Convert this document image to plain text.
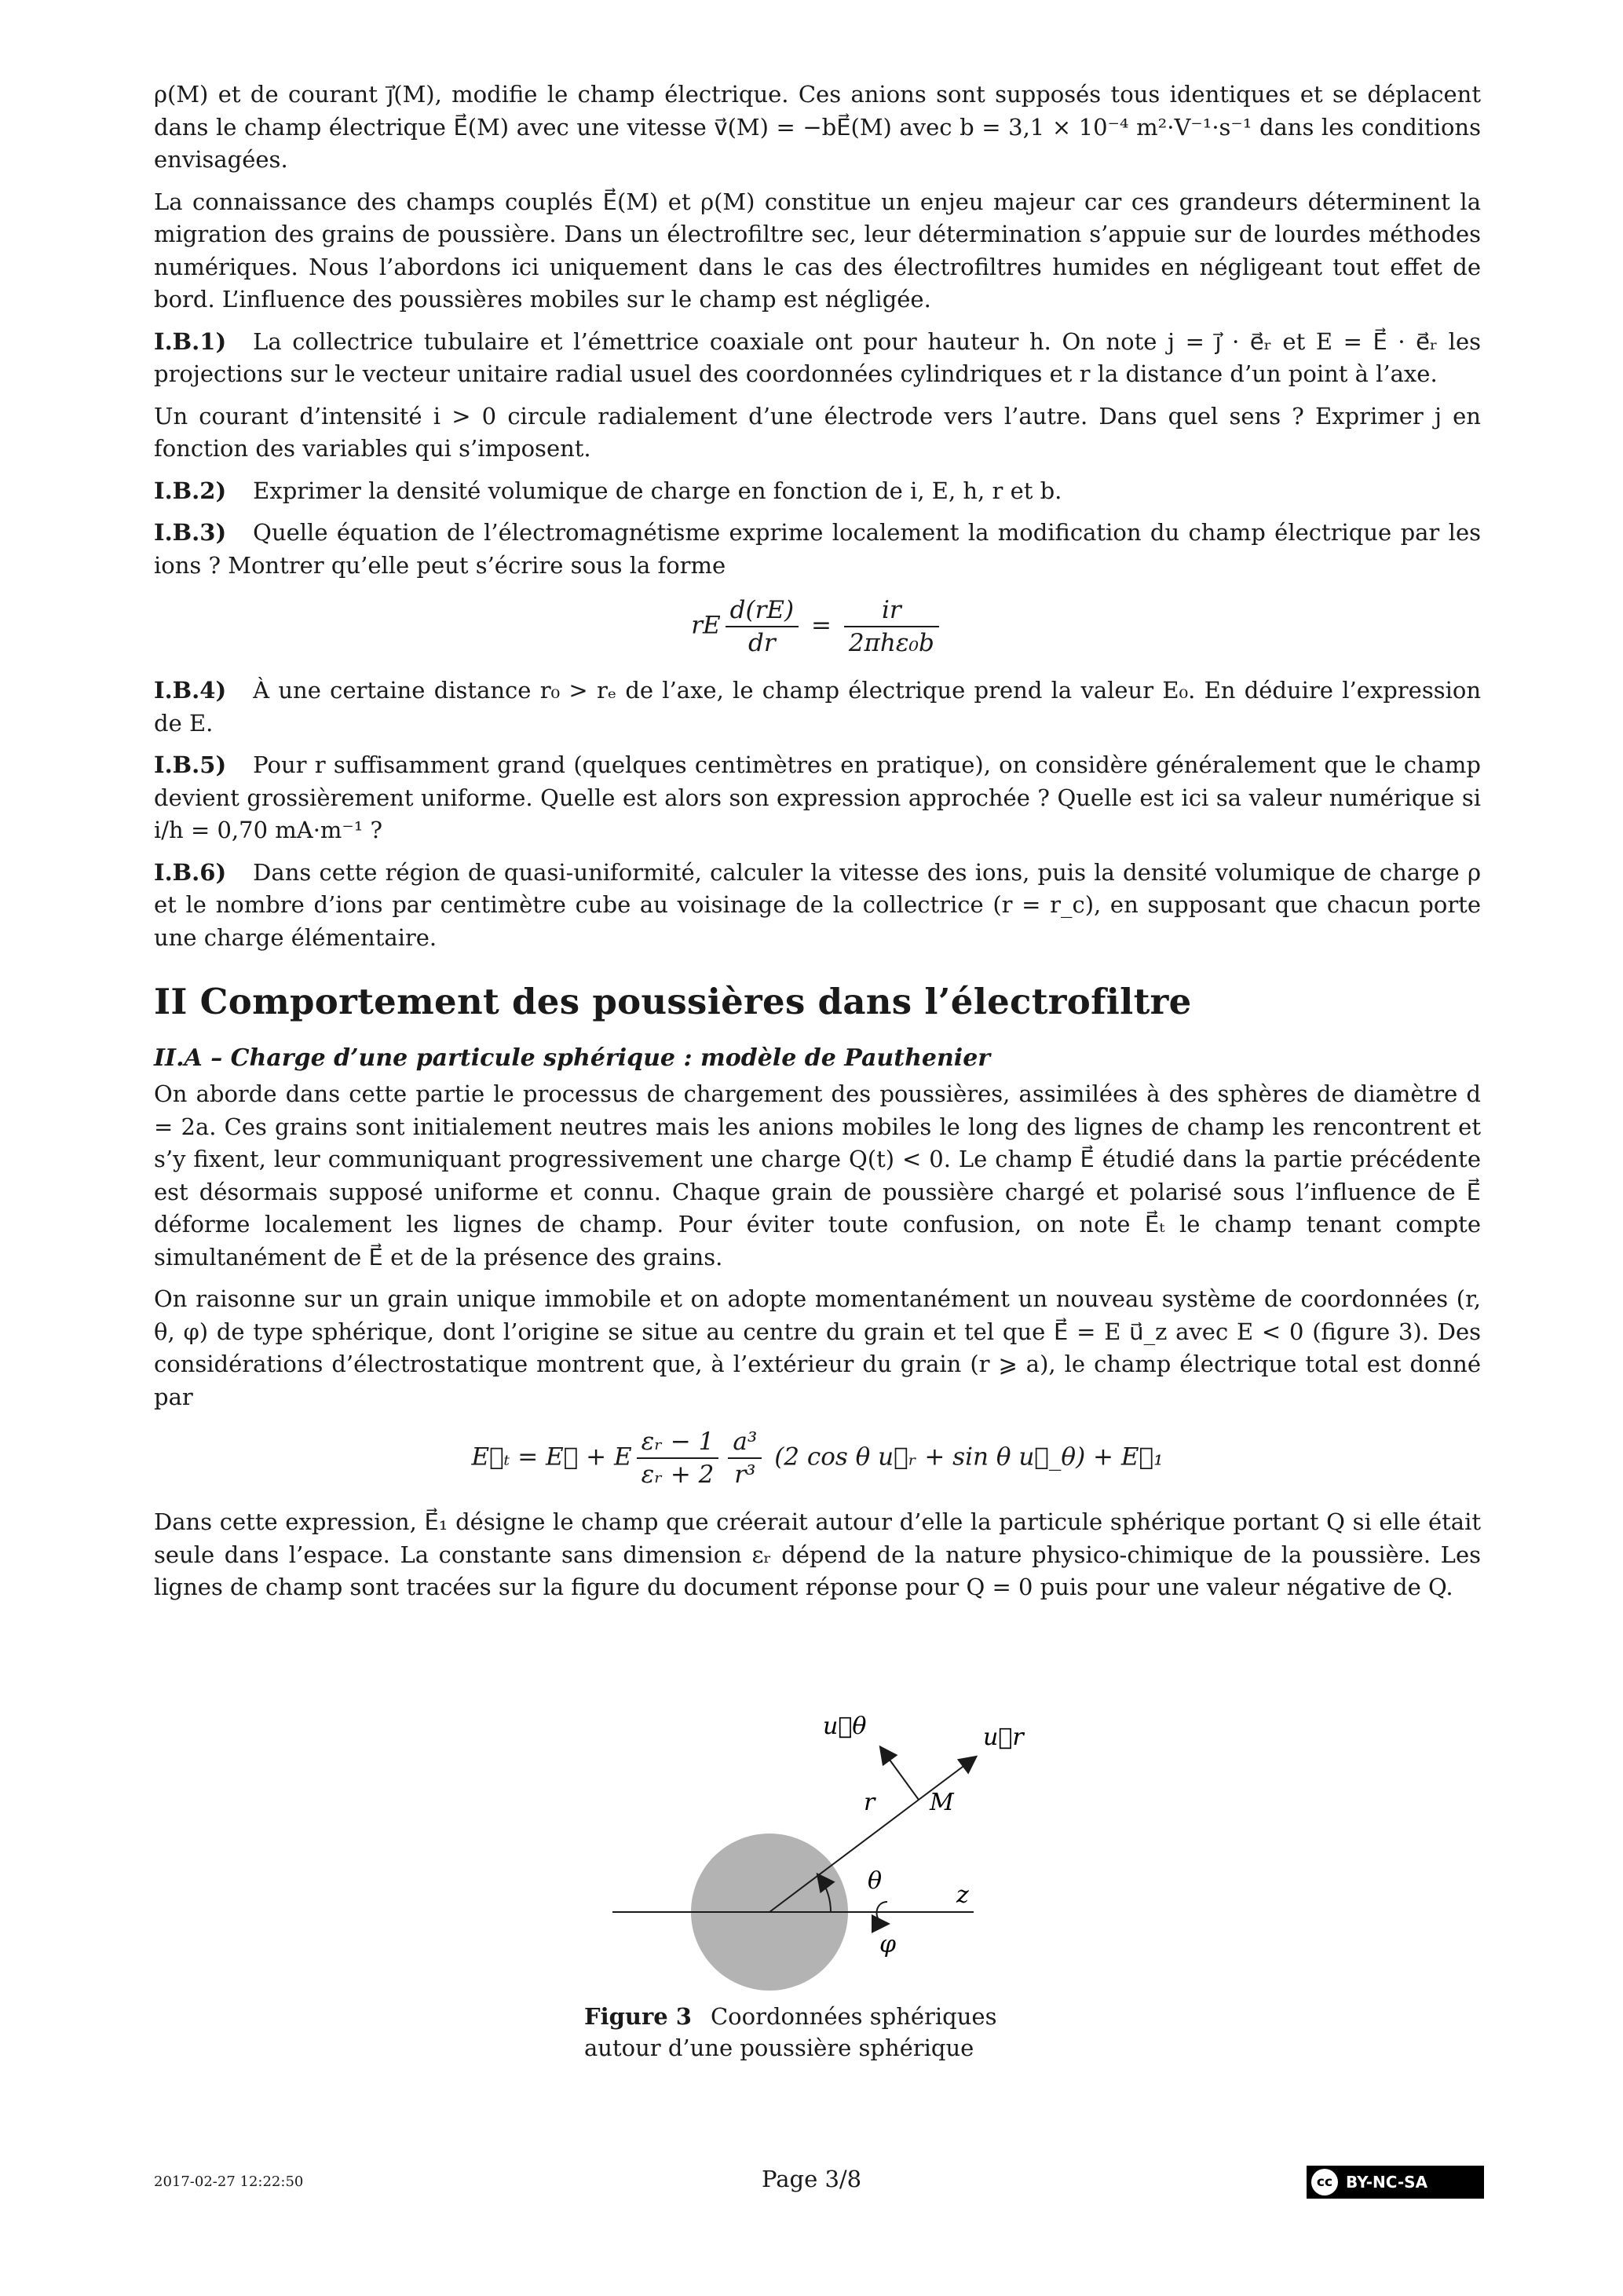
ρ(M) et de courant j⃗(M), modifie le champ électrique. Ces anions sont supposés tous identiques et se déplacent dans le champ électrique E⃗(M) avec une vitesse v⃗(M) = −bE⃗(M) avec b = 3,1 × 10⁻⁴ m²·V⁻¹·s⁻¹ dans les conditions envisagées.

La connaissance des champs couplés E⃗(M) et ρ(M) constitue un enjeu majeur car ces grandeurs déterminent la migration des grains de poussière. Dans un électrofiltre sec, leur détermination s’appuie sur de lourdes méthodes numériques. Nous l’abordons ici uniquement dans le cas des électrofiltres humides en négligeant tout effet de bord. L’influence des poussières mobiles sur le champ est négligée.

I.B.1) La collectrice tubulaire et l’émettrice coaxiale ont pour hauteur h. On note j = j⃗ · e⃗ᵣ et E = E⃗ · e⃗ᵣ les projections sur le vecteur unitaire radial usuel des coordonnées cylindriques et r la distance d’un point à l’axe.

Un courant d’intensité i > 0 circule radialement d’une électrode vers l’autre. Dans quel sens ? Exprimer j en fonction des variables qui s’imposent.

I.B.2) Exprimer la densité volumique de charge en fonction de i, E, h, r et b.

I.B.3) Quelle équation de l’électromagnétisme exprime localement la modification du champ électrique par les ions ? Montrer qu’elle peut s’écrire sous la forme

rE $\frac{d(rE)}{dr} = \frac{ir}{\text{2πhε₀b}}$

I.B.4) À une certaine distance r₀ > rₑ de l’axe, le champ électrique prend la valeur E₀. En déduire l’expression de E.

I.B.5) Pour r suffisamment grand (quelques centimètres en pratique), on considère généralement que le champ devient grossièrement uniforme. Quelle est alors son expression approchée ? Quelle est ici sa valeur numérique si i/h = 0,70 mA·m⁻¹ ?

I.B.6) Dans cette région de quasi-uniformité, calculer la vitesse des ions, puis la densité volumique de charge ρ et le nombre d’ions par centimètre cube au voisinage de la collectrice (r = r_c), en supposant que chacun porte une charge élémentaire.

II Comportement des poussières dans l’électrofiltre
II.A – Charge d’une particule sphérique : modèle de Pauthenier

On aborde dans cette partie le processus de chargement des poussières, assimilées à des sphères de diamètre d = 2a. Ces grains sont initialement neutres mais les anions mobiles le long des lignes de champ les rencontrent et s’y fixent, leur communiquant progressivement une charge Q(t) < 0. Le champ E⃗ étudié dans la partie précédente est désormais supposé uniforme et connu. Chaque grain de poussière chargé et polarisé sous l’influence de E⃗ déforme localement les lignes de champ. Pour éviter toute confusion, on note E⃗ₜ le champ tenant compte simultanément de E⃗ et de la présence des grains.

On raisonne sur un grain unique immobile et on adopte momentanément un nouveau système de coordonnées (r, θ, φ) de type sphérique, dont l’origine se situe au centre du grain et tel que E⃗ = E u⃗_z avec E < 0 (figure 3). Des considérations d’électrostatique montrent que, à l’extérieur du grain (r ⩾ a), le champ électrique total est donné par

E⃗ₜ = E⃗ + E $\frac{\text{εᵣ − 1}}{\text{εᵣ + 2}} \frac{\text{a³}}{\text{r³}} (2$ cos θ u⃗ᵣ + sin θ u⃗_θ) + E⃗₁

Dans cette expression, E⃗₁ désigne le champ que créerait autour d’elle la particule sphérique portant Q si elle était seule dans l’espace. La constante sans dimension εᵣ dépend de la nature physico-chimique de la poussière. Les lignes de champ sont tracées sur la figure du document réponse pour Q = 0 puis pour une valeur négative de Q.

u⃗θ	u⃗r
r M
θ
z
φ
Figure 3 Coordonnées sphériques autour d’une poussière sphérique
2017-02-27 12:22:50	Page 3/8	cc BY-NC-SA
